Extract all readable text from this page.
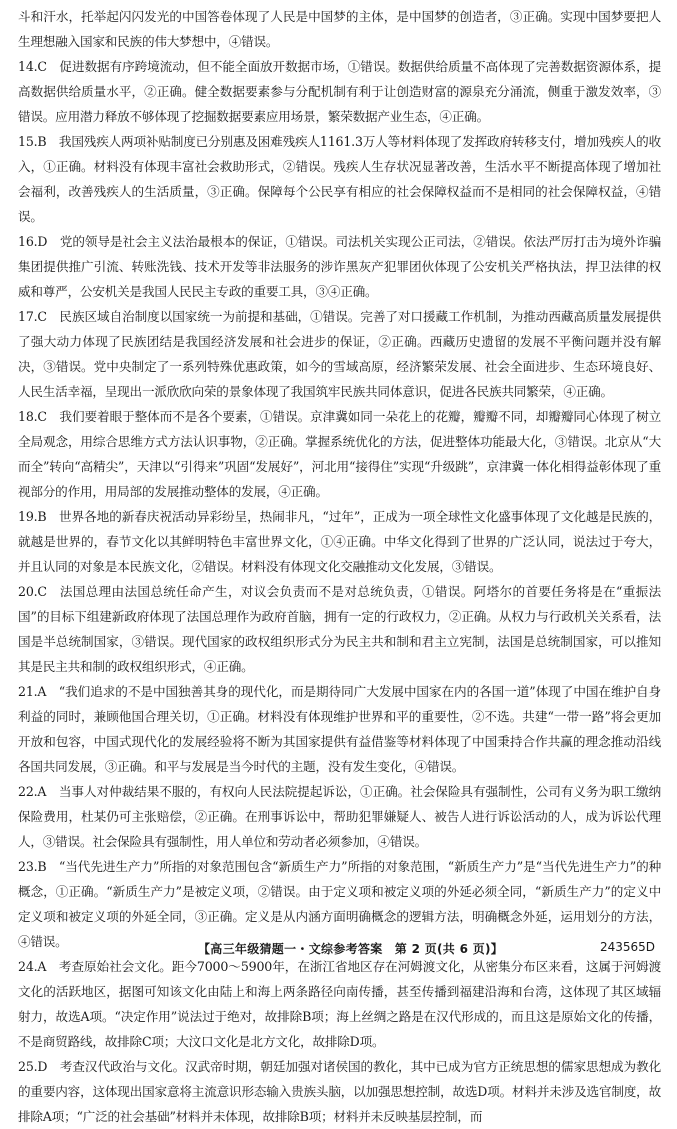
斗和汗水，托举起闪闪发光的中国答卷体现了人民是中国梦的主体，是中国梦的创造者，③正确。实现中国梦要把人生理想融入国家和民族的伟大梦想中，④错误。

14.C  促进数据有序跨境流动，但不能全面放开数据市场，①错误。数据供给质量不高体现了完善数据资源体系，提高数据供给质量水平，②正确。健全数据要素参与分配机制有利于让创造财富的源泉充分涌流，侧重于激发效率，③错误。应用潜力释放不够体现了挖掘数据要素应用场景，繁荣数据产业生态，④正确。

15.B  我国残疾人两项补贴制度已分别惠及困难残疾人1161.3万人等材料体现了发挥政府转移支付，增加残疾人的收入，①正确。材料没有体现丰富社会救助形式，②错误。残疾人生存状况显著改善，生活水平不断提高体现了增加社会福利，改善残疾人的生活质量，③正确。保障每个公民享有相应的社会保障权益而不是相同的社会保障权益，④错误。

16.D  党的领导是社会主义法治最根本的保证，①错误。司法机关实现公正司法，②错误。依法严厉打击为境外诈骗集团提供推广引流、转账洗钱、技术开发等非法服务的涉诈黑灰产犯罪团伙体现了公安机关严格执法，捍卫法律的权威和尊严，公安机关是我国人民民主专政的重要工具，③④正确。

17.C  民族区域自治制度以国家统一为前提和基础，①错误。完善了对口援藏工作机制，为推动西藏高质量发展提供了强大动力体现了民族团结是我国经济发展和社会进步的保证，②正确。西藏历史遗留的发展不平衡问题并没有解决，③错误。党中央制定了一系列特殊优惠政策，如今的雪域高原，经济繁荣发展、社会全面进步、生态环境良好、人民生活幸福，呈现出一派欣欣向荣的景象体现了我国筑牢民族共同体意识，促进各民族共同繁荣，④正确。

18.C  我们要着眼于整体而不是各个要素，①错误。京津冀如同一朵花上的花瓣，瓣瓣不同，却瓣瓣同心体现了树立全局观念，用综合思维方式方法认识事物，②正确。掌握系统优化的方法，促进整体功能最大化，③错误。北京从“大而全”转向“高精尖”，天津以“引得来”巩固“发展好”，河北用“接得住”实现“升级跳”，京津冀一体化相得益彰体现了重视部分的作用，用局部的发展推动整体的发展，④正确。

19.B  世界各地的新春庆祝活动异彩纷呈，热闹非凡，“过年”，正成为一项全球性文化盛事体现了文化越是民族的，就越是世界的，春节文化以其鲜明特色丰富世界文化，①④正确。中华文化得到了世界的广泛认同，说法过于夸大，并且认同的对象是本民族文化，②错误。材料没有体现文化交融推动文化发展，③错误。

20.C  法国总理由法国总统任命产生，对议会负责而不是对总统负责，①错误。阿塔尔的首要任务将是在“重振法国”的目标下组建新政府体现了法国总理作为政府首脑，拥有一定的行政权力，②正确。从权力与行政机关关系看，法国是半总统制国家，③错误。现代国家的政权组织形式分为民主共和制和君主立宪制，法国是总统制国家，可以推知其是民主共和制的政权组织形式，④正确。

21.A  “我们追求的不是中国独善其身的现代化，而是期待同广大发展中国家在内的各国一道”体现了中国在维护自身利益的同时，兼顾他国合理关切，①正确。材料没有体现维护世界和平的重要性，②不选。共建“一带一路”将会更加开放和包容，中国式现代化的发展经验将不断为其国家提供有益借鉴等材料体现了中国秉持合作共赢的理念推动沿线各国共同发展，③正确。和平与发展是当今时代的主题，没有发生变化，④错误。

22.A  当事人对仲裁结果不服的，有权向人民法院提起诉讼，①正确。社会保险具有强制性，公司有义务为职工缴纳保险费用，杜某仍可主张赔偿，②正确。在刑事诉讼中，帮助犯罪嫌疑人、被告人进行诉讼活动的人，成为诉讼代理人，③错误。社会保险具有强制性，用人单位和劳动者必须参加，④错误。

23.B  “当代先进生产力”所指的对象范围包含“新质生产力”所指的对象范围，“新质生产力”是“当代先进生产力”的种概念，①正确。“新质生产力”是被定义项，②错误。由于定义项和被定义项的外延必须全同，“新质生产力”的定义中定义项和被定义项的外延全同，③正确。定义是从内涵方面明确概念的逻辑方法，明确概念外延，运用划分的方法，④错误。

24.A  考查原始社会文化。距今7000～5900年，在浙江省地区存在河姆渡文化，从密集分布区来看，这属于河姆渡文化的活跃地区，据图可知该文化由陆上和海上两条路径向南传播，甚至传播到福建沿海和台湾，这体现了其区域辐射力，故选A项。“决定作用”说法过于绝对，故排除B项；海上丝绸之路是在汉代形成的，而且这是原始文化的传播，不是商贸路线，故排除C项；大汶口文化是北方文化，故排除D项。

25.D  考查汉代政治与文化。汉武帝时期，朝廷加强对诸侯国的教化，其中已成为官方正统思想的儒家思想成为教化的重要内容，这体现出国家意将主流意识形态输入贵族头脑，以加强思想控制，故选D项。材料并未涉及选官制度，故排除A项；“广泛的社会基础”材料并未体现，故排除B项；材料并未反映基层控制，而

【高三年级猜题一・文综参考答案　第 2 页(共 6 页)】	243565D
